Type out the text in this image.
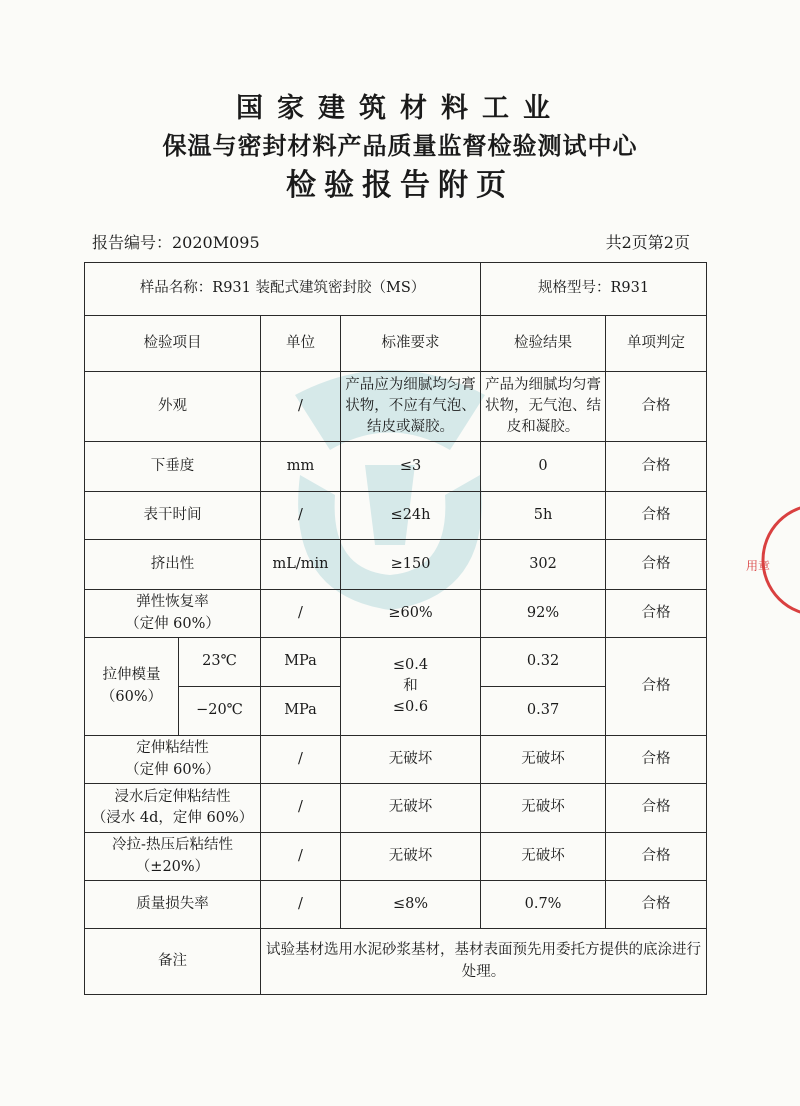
用章
国家建筑材料工业
保温与密封材料产品质量监督检验测试中心
检验报告附页
报告编号：2020M095	共2页第2页
样品名称：R931 装配式建筑密封胶（MS）				规格型号：R931	
检验项目		单位	标准要求	检验结果	单项判定
外观		/	产品应为细腻均匀膏状物，不应有气泡、结皮或凝胶。	产品为细腻均匀膏状物，无气泡、结皮和凝胶。	合格
下垂度		mm	≤3	0	合格
表干时间		/	≤24h	5h	合格
挤出性		mL/min	≥150	302	合格

弹性恢复率
（定伸 60%）		/	≥60%	92%	合格

拉伸模量
（60%）	23℃	MPa	≤0.4
和
≤0.6	0.32	合格
	−20℃	MPa		0.37	

定伸粘结性
（定伸 60%）		/	无破坏	无破坏	合格

浸水后定伸粘结性
（浸水 4d，定伸 60%）		/	无破坏	无破坏	合格

冷拉-热压后粘结性
（±20%）		/	无破坏	无破坏	合格
质量损失率		/	≤8%	0.7%	合格
备注		试验基材选用水泥砂浆基材，基材表面预先用委托方提供的底涂进行处理。			
